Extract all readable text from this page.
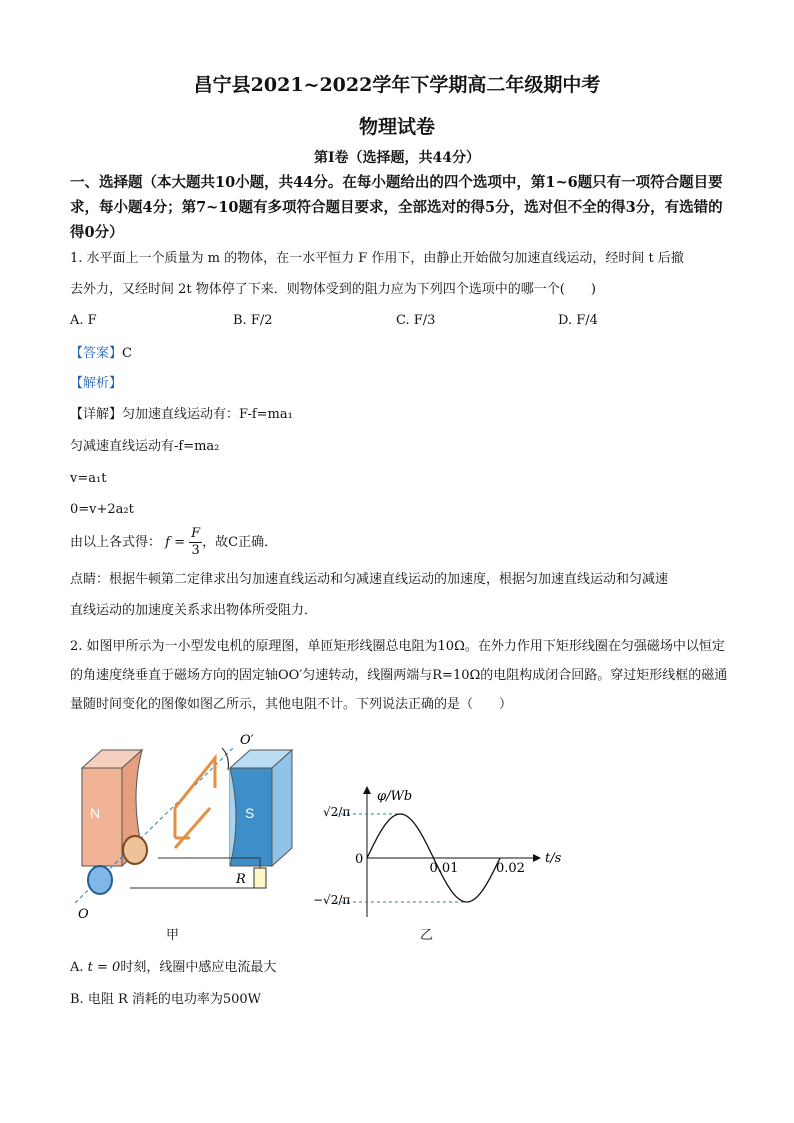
昌宁县2021~2022学年下学期高二年级期中考
物理试卷
第Ⅰ卷（选择题，共44分）
一、选择题（本大题共10小题，共44分。在每小题给出的四个选项中，第1~6题只有一项符合题目要求，每小题4分；第7~10题有多项符合题目要求，全部选对的得5分，选对但不全的得3分，有选错的得0分）
1. 水平面上一个质量为 m 的物体，在一水平恒力 F 作用下，由静止开始做匀加速直线运动，经时间 t 后撤
去外力，又经时间 2t 物体停了下来．则物体受到的阻力应为下列四个选项中的哪一个(　　)
A. F	B. F/2	C. F/3	D. F/4
【答案】C
【解析】
【详解】匀加速直线运动有：F-f=ma₁
匀减速直线运动有-f=ma₂
v=a₁t
0=v+2a₂t
由以上各式得： $f = \frac{F}{3}$ ，故C正确．
点睛：根据牛顿第二定律求出匀加速直线运动和匀减速直线运动的加速度，根据匀加速直线运动和匀减速
直线运动的加速度关系求出物体所受阻力．
2. 如图甲所示为一小型发电机的原理图，单匝矩形线圈总电阻为10Ω。在外力作用下矩形线圈在匀强磁场中以恒定的角速度绕垂直于磁场方向的固定轴OO′匀速转动，线圈两端与R=10Ω的电阻构成闭合回路。穿过矩形线框的磁通量随时间变化的图像如图乙所示，其他电阻不计。下列说法正确的是（　　）
N	S
R
O′
O
甲
φ/Wb
t/s
0
0.01	0.02
√2/π
−√2/π
乙
A. t = 0时刻，线圈中感应电流最大
B. 电阻 R 消耗的电功率为500W
